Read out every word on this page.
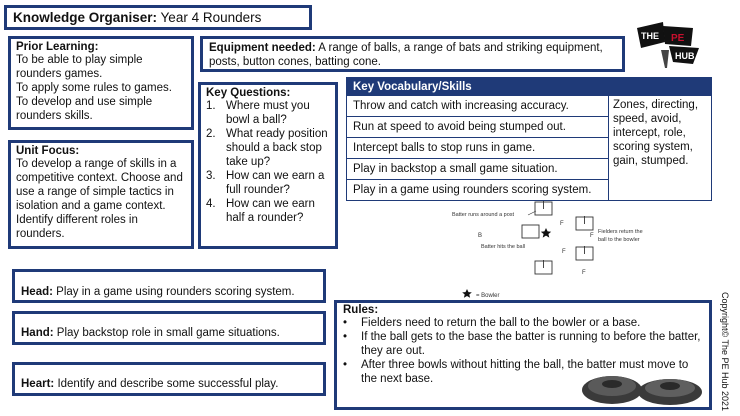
Knowledge Organiser: Year 4 Rounders
Prior Learning:
To be able to play simple rounders games.
To apply some rules to games.
To develop and use simple rounders skills.
Unit Focus:
To develop a range of skills in a competitive context. Choose and use a range of simple tactics in isolation and a game context. Identify different roles in rounders.
Equipment needed: A range of balls, a range of bats and striking equipment, posts, button cones, batting cone.
Key Questions:
1. Where must you bowl a ball?
2. What ready position should a back stop take up?
3. How can we earn a full rounder?
4. How can we earn half a rounder?
Key Vocabulary/Skills
Throw and catch with increasing accuracy.
Run at speed to avoid being stumped out.
Intercept balls to stop runs in game.
Play in backstop a small game situation.
Play in a game using rounders scoring system.
Zones, directing, speed, avoid, intercept, role, scoring system, gain, stumped.
THE PE
HUB
Batter runs around a post
F
Fielders return the
ball to the bowler
F
B
Batter hits the ball
F
F
= Bowler
Head: Play in a game using rounders scoring system.
Hand: Play backstop role in small game situations.
Heart: Identify and describe some successful play.
Rules:
•	Fielders need to return the ball to the bowler or a base.
•	If the ball gets to the base the batter is running to before the batter, they are out.
•	After three bowls without hitting the ball, the batter must move to the next base.	Copyright© The PE Hub 2021
